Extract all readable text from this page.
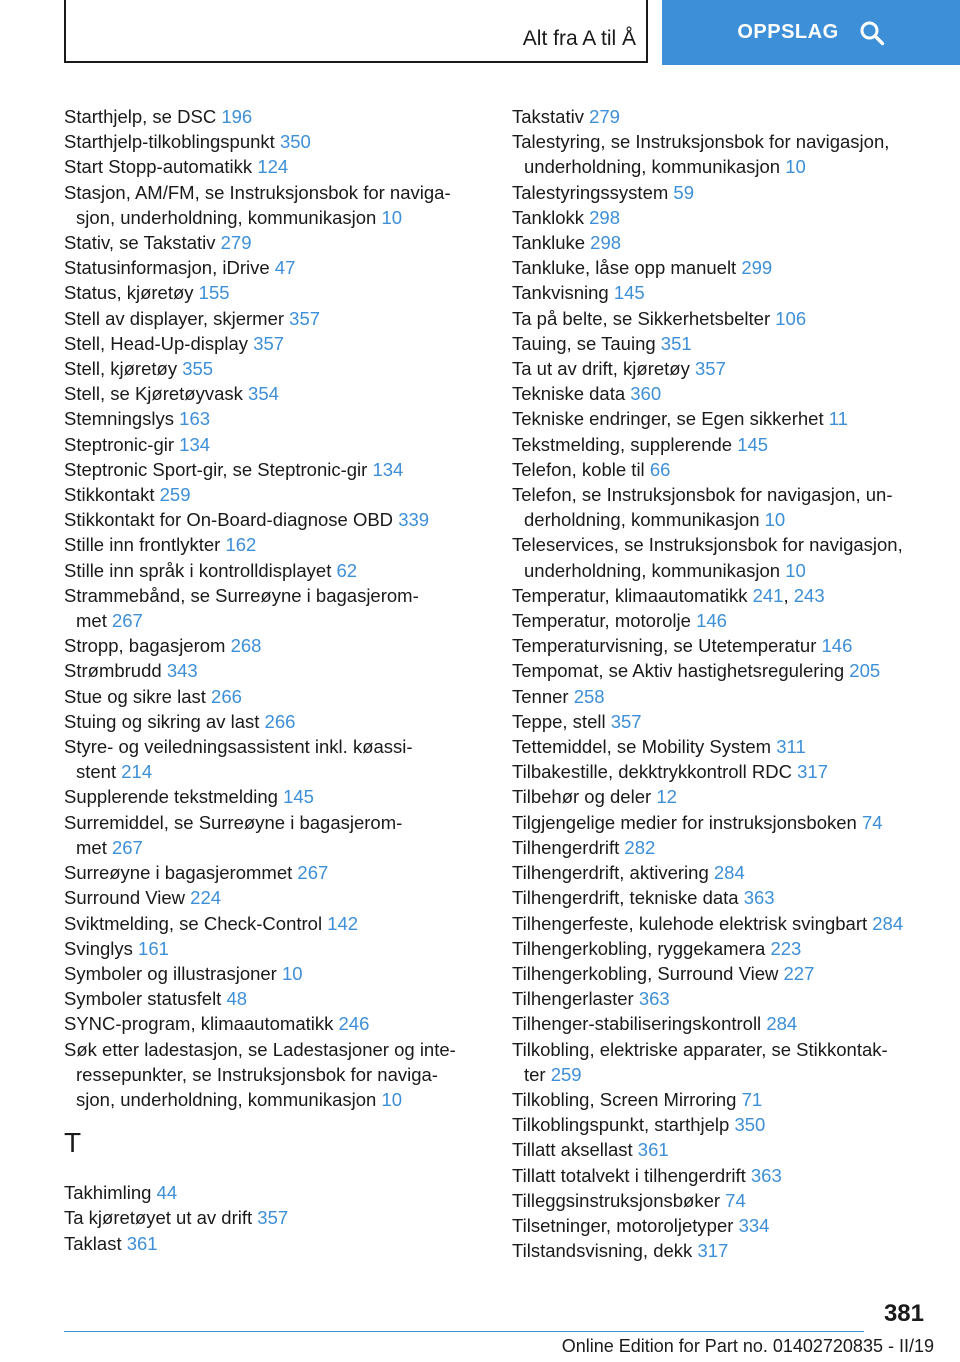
Alt fra A til Å	OPPSLAG
Starthjelp, se DSC 196
Starthjelp-tilkoblingspunkt 350
Start Stopp-automatikk 124
Stasjon, AM/FM, se Instruksjonsbok for naviga-
sjon, underholdning, kommunikasjon 10
Stativ, se Takstativ 279
Statusinformasjon, iDrive 47
Status, kjøretøy 155
Stell av displayer, skjermer 357
Stell, Head-Up-display 357
Stell, kjøretøy 355
Stell, se Kjøretøyvask 354
Stemningslys 163
Steptronic-gir 134
Steptronic Sport-gir, se Steptronic-gir 134
Stikkontakt 259
Stikkontakt for On-Board-diagnose OBD 339
Stille inn frontlykter 162
Stille inn språk i kontrolldisplayet 62
Strammebånd, se Surreøyne i bagasjerom-
met 267
Stropp, bagasjerom 268
Strømbrudd 343
Stue og sikre last 266
Stuing og sikring av last 266
Styre- og veiledningsassistent inkl. køassi-
stent 214
Supplerende tekstmelding 145
Surremiddel, se Surreøyne i bagasjerom-
met 267
Surreøyne i bagasjerommet 267
Surround View 224
Sviktmelding, se Check-Control 142
Svinglys 161
Symboler og illustrasjoner 10
Symboler statusfelt 48
SYNC-program, klimaautomatikk 246
Søk etter ladestasjon, se Ladestasjoner og inte-
ressepunkter, se Instruksjonsbok for naviga-
sjon, underholdning, kommunikasjon 10
T
Takhimling 44
Ta kjøretøyet ut av drift 357
Taklast 361
Takstativ 279
Talestyring, se Instruksjonsbok for navigasjon,
underholdning, kommunikasjon 10
Talestyringssystem 59
Tanklokk 298
Tankluke 298
Tankluke, låse opp manuelt 299
Tankvisning 145
Ta på belte, se Sikkerhetsbelter 106
Tauing, se Tauing 351
Ta ut av drift, kjøretøy 357
Tekniske data 360
Tekniske endringer, se Egen sikkerhet 11
Tekstmelding, supplerende 145
Telefon, koble til 66
Telefon, se Instruksjonsbok for navigasjon, un-
derholdning, kommunikasjon 10
Teleservices, se Instruksjonsbok for navigasjon,
underholdning, kommunikasjon 10
Temperatur, klimaautomatikk 241, 243
Temperatur, motorolje 146
Temperaturvisning, se Utetemperatur 146
Tempomat, se Aktiv hastighetsregulering 205
Tenner 258
Teppe, stell 357
Tettemiddel, se Mobility System 311
Tilbakestille, dekktrykkontroll RDC 317
Tilbehør og deler 12
Tilgjengelige medier for instruksjonsboken 74
Tilhengerdrift 282
Tilhengerdrift, aktivering 284
Tilhengerdrift, tekniske data 363
Tilhengerfeste, kulehode elektrisk svingbart 284
Tilhengerkobling, ryggekamera 223
Tilhengerkobling, Surround View 227
Tilhengerlaster 363
Tilhenger-stabiliseringskontroll 284
Tilkobling, elektriske apparater, se Stikkontak-
ter 259
Tilkobling, Screen Mirroring 71
Tilkoblingspunkt, starthjelp 350
Tillatt aksellast 361
Tillatt totalvekt i tilhengerdrift 363
Tilleggsinstruksjonsbøker 74
Tilsetninger, motoroljetyper 334
Tilstandsvisning, dekk 317
381
Online Edition for Part no. 01402720835 - II/19
